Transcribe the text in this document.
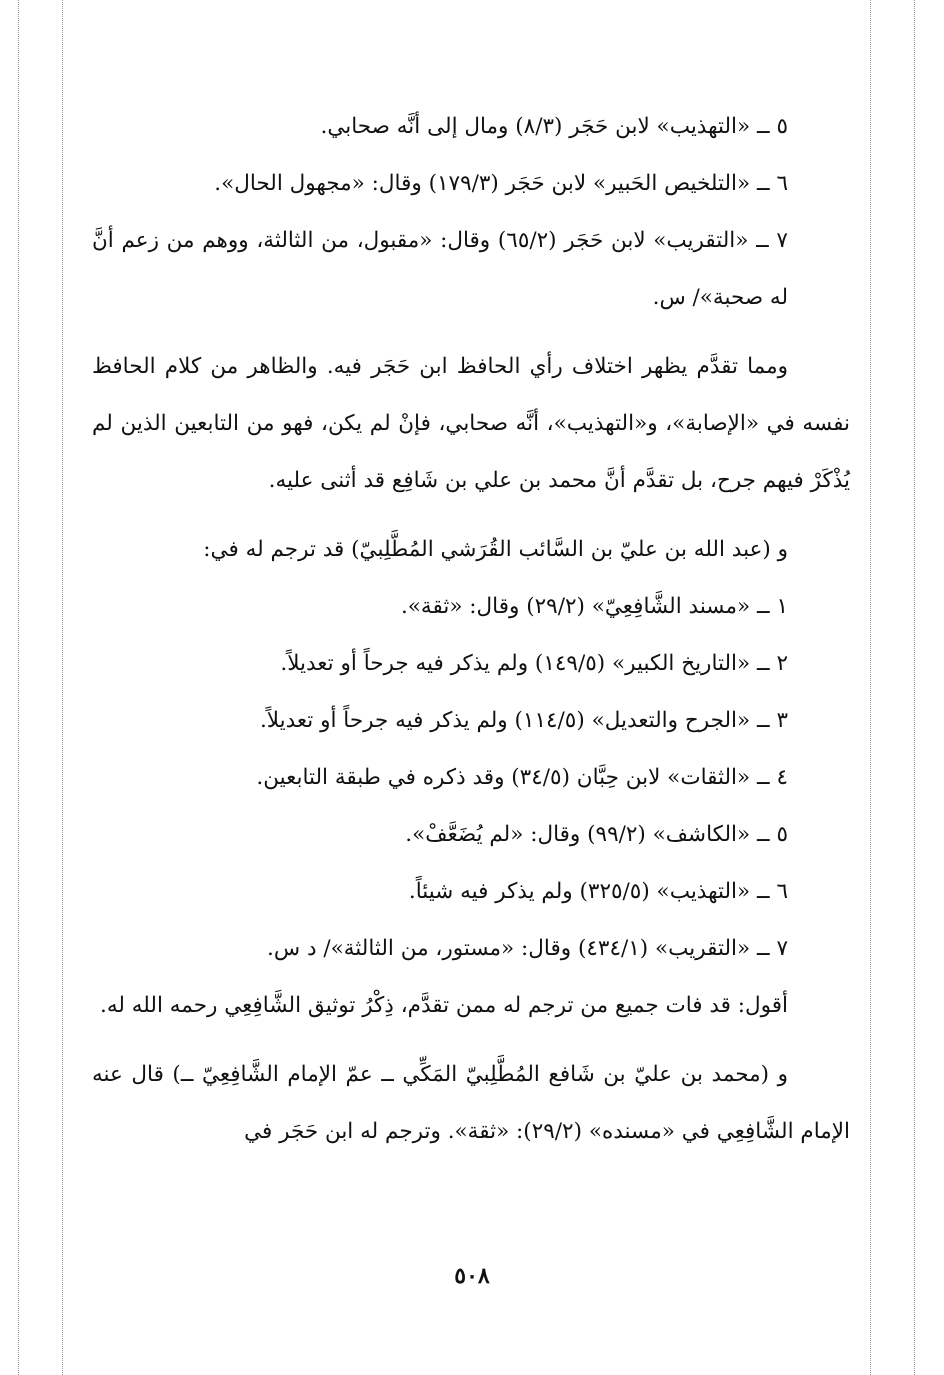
٥ ــ «التهذيب» لابن حَجَر (٨/٣) ومال إلى أنَّه صحابي.

٦ ــ «التلخيص الحَبير» لابن حَجَر (١٧٩/٣) وقال: «مجهول الحال».

٧ ــ «التقريب» لابن حَجَر (٦٥/٢) وقال: «مقبول، من الثالثة، ووهم من زعم أنَّ له صحبة»/ س.

ومما تقدَّم يظهر اختلاف رأي الحافظ ابن حَجَر فيه. والظاهر من كلام الحافظ نفسه في «الإصابة»، و«التهذيب»، أنَّه صحابي، فإنْ لم يكن، فهو من التابعين الذين لم يُذْكَرْ فيهم جرح، بل تقدَّم أنَّ محمد بن علي بن شَافِع قد أثنى عليه.

و (عبد الله بن عليّ بن السَّائب القُرَشي المُطَّلِبيّ) قد ترجم له في:

١ ــ «مسند الشَّافِعِيّ» (٢٩/٢) وقال: «ثقة».

٢ ــ «التاريخ الكبير» (١٤٩/٥) ولم يذكر فيه جرحاً أو تعديلاً.

٣ ــ «الجرح والتعديل» (١١٤/٥) ولم يذكر فيه جرحاً أو تعديلاً.

٤ ــ «الثقات» لابن حِبَّان (٣٤/٥) وقد ذكره في طبقة التابعين.

٥ ــ «الكاشف» (٩٩/٢) وقال: «لم يُضَعَّفْ».

٦ ــ «التهذيب» (٣٢٥/٥) ولم يذكر فيه شيئاً.

٧ ــ «التقريب» (٤٣٤/١) وقال: «مستور، من الثالثة»/ د س.

أقول: قد فات جميع من ترجم له ممن تقدَّم، ذِكْرُ توثيق الشَّافِعِي رحمه الله له.

و (محمد بن عليّ بن شَافع المُطَّلِبيّ المَكِّي ــ عمّ الإمام الشَّافِعِيّ ــ) قال عنه الإمام الشَّافِعِي في «مسنده» (٢٩/٢): «ثقة». وترجم له ابن حَجَر في

٥٠٨
